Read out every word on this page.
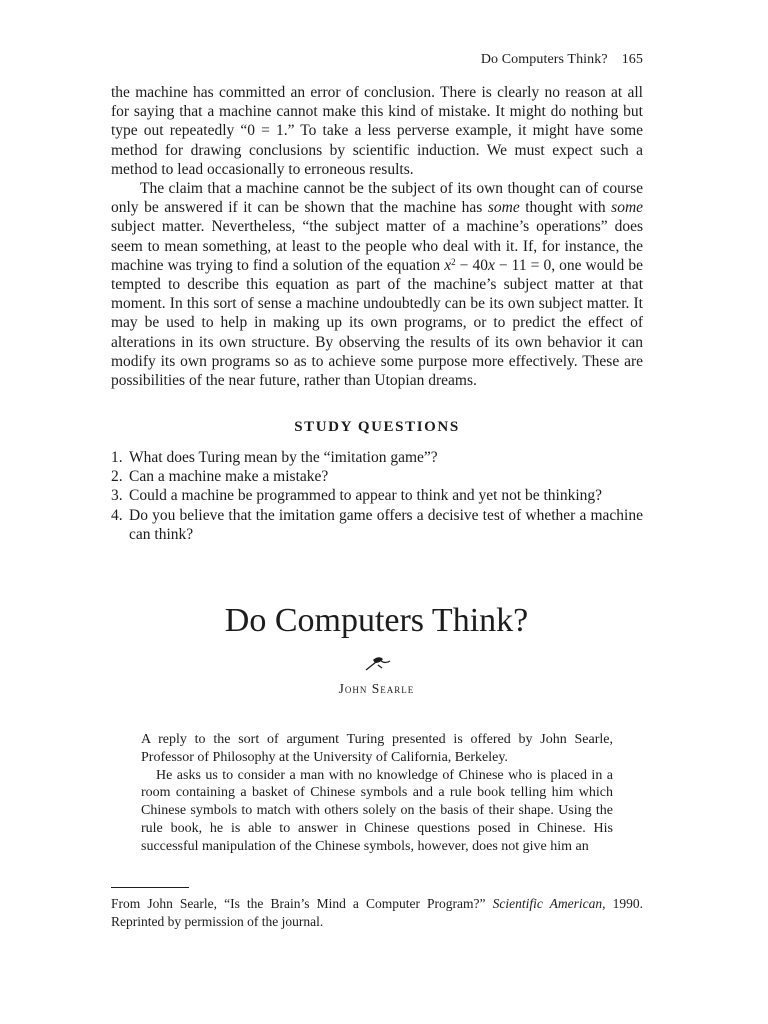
Do Computers Think? 165

the machine has committed an error of conclusion. There is clearly no reason at all for saying that a machine cannot make this kind of mistake. It might do nothing but type out repeatedly “0 = 1.” To take a less perverse example, it might have some method for drawing conclusions by scientific induction. We must expect such a method to lead occasionally to erroneous results.

The claim that a machine cannot be the subject of its own thought can of course only be answered if it can be shown that the machine has some thought with some subject matter. Nevertheless, “the subject matter of a machine’s operations” does seem to mean something, at least to the people who deal with it. If, for instance, the machine was trying to find a solution of the equation $x^2 - 40x - 11 = 0$, one would be tempted to describe this equation as part of the machine’s subject matter at that moment. In this sort of sense a machine undoubtedly can be its own subject matter. It may be used to help in making up its own programs, or to predict the effect of alterations in its own structure. By observing the results of its own behavior it can modify its own programs so as to achieve some purpose more effectively. These are possibilities of the near future, rather than Utopian dreams.

STUDY QUESTIONS
1. What does Turing mean by the “imitation game”?
2. Can a machine make a mistake?
3. Could a machine be programmed to appear to think and yet not be thinking?
4. Do you believe that the imitation game offers a decisive test of whether a machine can think?
Do Computers Think?
John Searle

A reply to the sort of argument Turing presented is offered by John Searle, Professor of Philosophy at the University of California, Berkeley.

He asks us to consider a man with no knowledge of Chinese who is placed in a room containing a basket of Chinese symbols and a rule book telling him which Chinese symbols to match with others solely on the basis of their shape. Using the rule book, he is able to answer in Chinese questions posed in Chinese. His successful manipulation of the Chinese symbols, however, does not give him an

From John Searle, “Is the Brain’s Mind a Computer Program?” Scientific American, 1990. Reprinted by permission of the journal.
